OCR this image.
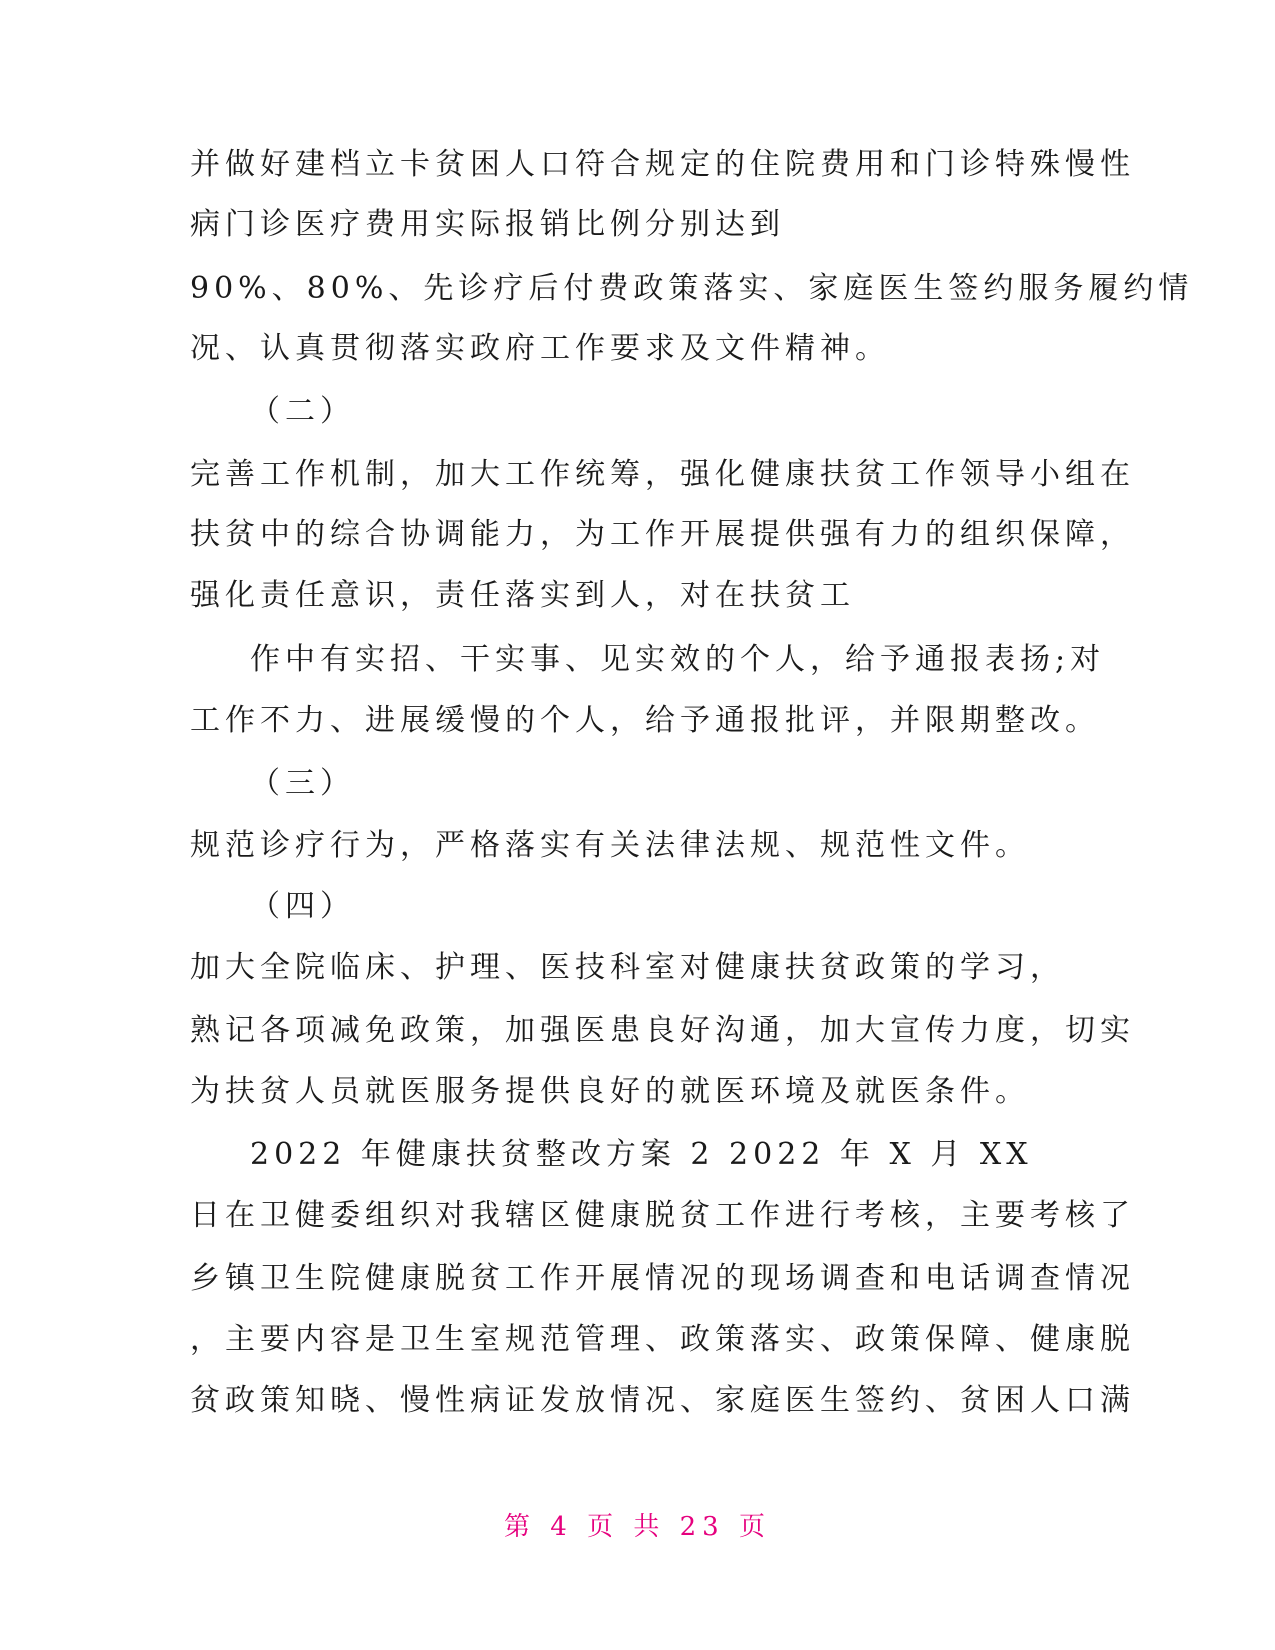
并做好建档立卡贫困人口符合规定的住院费用和门诊特殊慢性
病门诊医疗费用实际报销比例分别达到
90%、80%、先诊疗后付费政策落实、家庭医生签约服务履约情
况、认真贯彻落实政府工作要求及文件精神。
（二）
完善工作机制，加大工作统筹，强化健康扶贫工作领导小组在
扶贫中的综合协调能力，为工作开展提供强有力的组织保障，
强化责任意识，责任落实到人，对在扶贫工
作中有实招、干实事、见实效的个人，给予通报表扬;对
工作不力、进展缓慢的个人，给予通报批评，并限期整改。
（三）
规范诊疗行为，严格落实有关法律法规、规范性文件。
（四）
加大全院临床、护理、医技科室对健康扶贫政策的学习，
熟记各项减免政策，加强医患良好沟通，加大宣传力度，切实
为扶贫人员就医服务提供良好的就医环境及就医条件。
2022 年健康扶贫整改方案 2 2022 年 X 月 XX
日在卫健委组织对我辖区健康脱贫工作进行考核，主要考核了
乡镇卫生院健康脱贫工作开展情况的现场调查和电话调查情况
，主要内容是卫生室规范管理、政策落实、政策保障、健康脱
贫政策知晓、慢性病证发放情况、家庭医生签约、贫困人口满
第 4 页 共 23 页
